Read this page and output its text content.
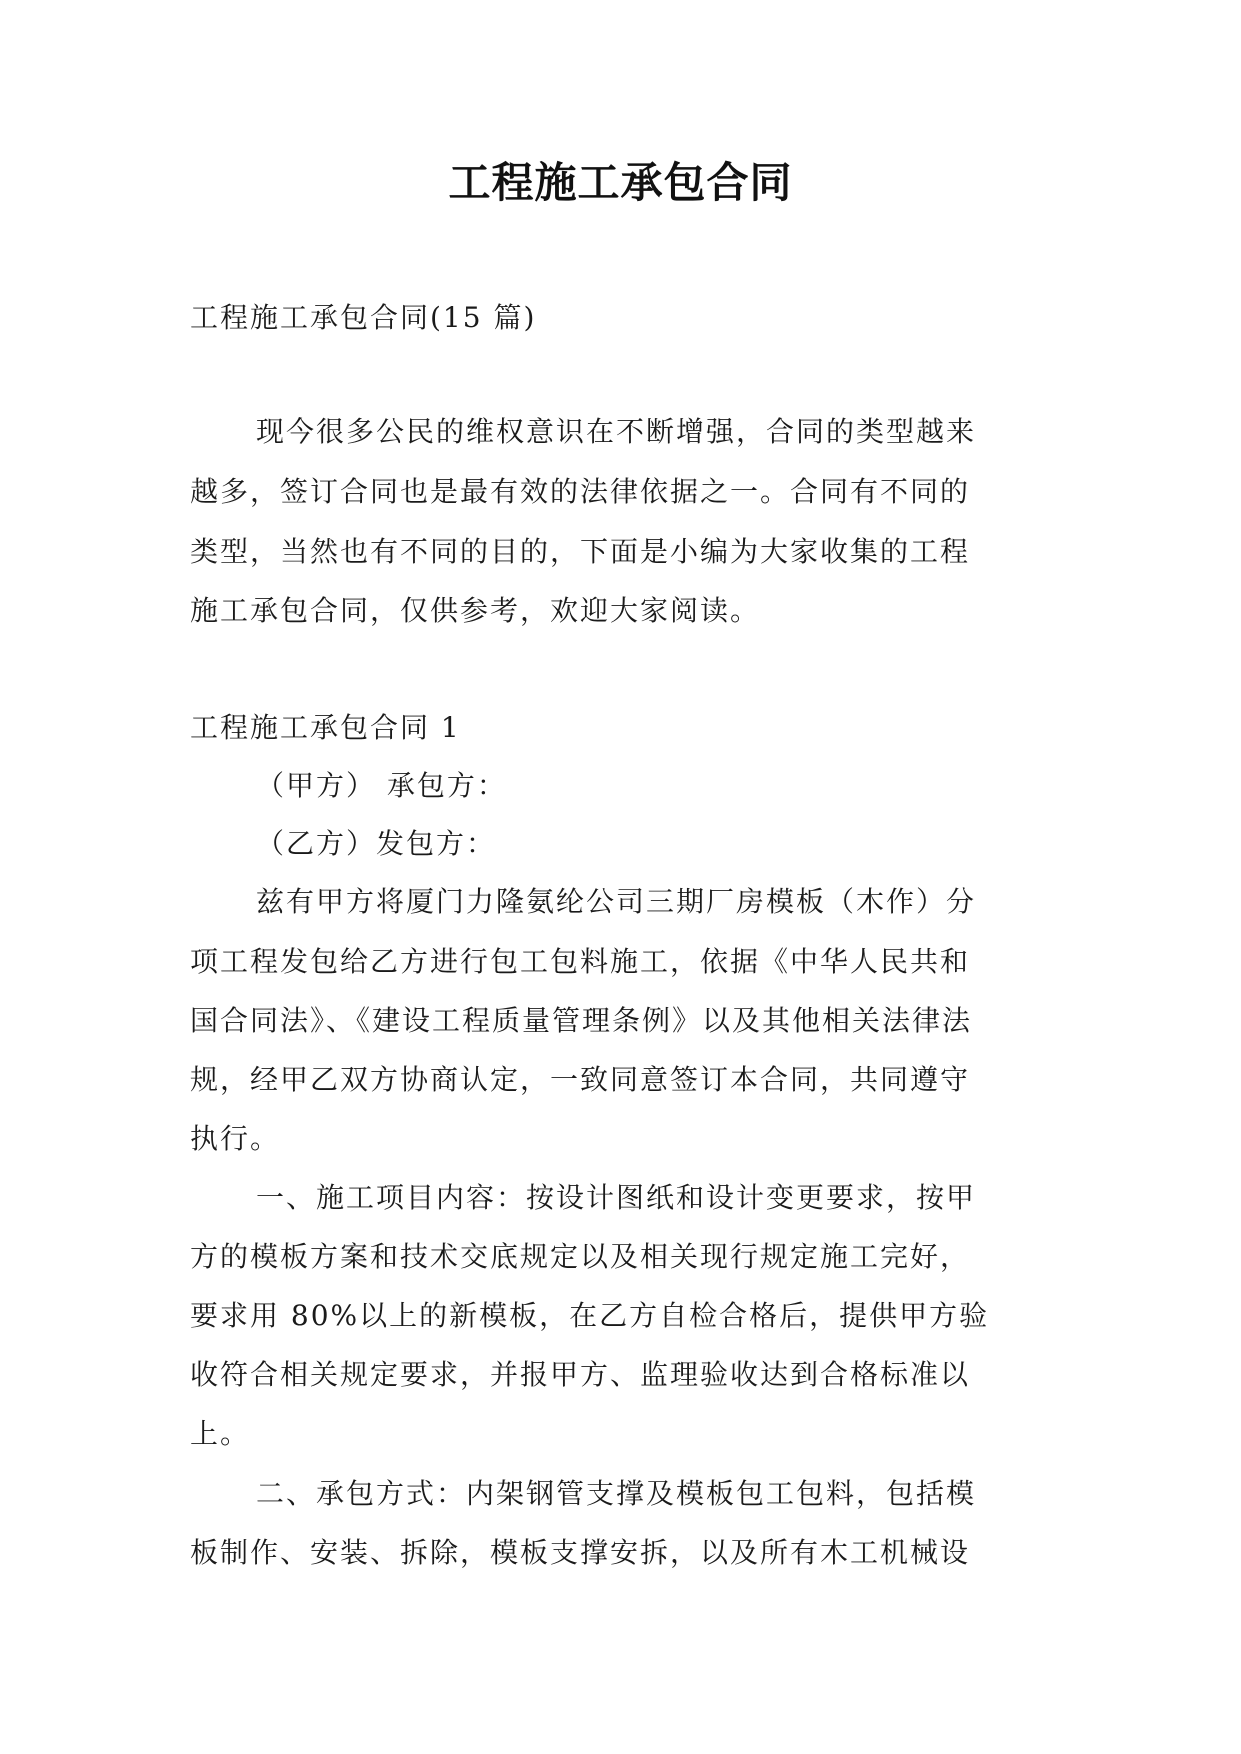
工程施工承包合同

工程施工承包合同(15 篇)

现今很多公民的维权意识在不断增强，合同的类型越来

越多，签订合同也是最有效的法律依据之一。合同有不同的

类型，当然也有不同的目的，下面是小编为大家收集的工程

施工承包合同，仅供参考，欢迎大家阅读。

工程施工承包合同 1

（甲方） 承包方：

（乙方）发包方：

兹有甲方将厦门力隆氨纶公司三期厂房模板（木作）分

项工程发包给乙方进行包工包料施工，依据《中华人民共和

国合同法》、《建设工程质量管理条例》以及其他相关法律法

规，经甲乙双方协商认定，一致同意签订本合同，共同遵守

执行。

一、施工项目内容：按设计图纸和设计变更要求，按甲

方的模板方案和技术交底规定以及相关现行规定施工完好，

要求用 80%以上的新模板，在乙方自检合格后，提供甲方验

收符合相关规定要求，并报甲方、监理验收达到合格标准以

上。

二、承包方式：内架钢管支撑及模板包工包料，包括模

板制作、安装、拆除，模板支撑安拆，以及所有木工机械设
